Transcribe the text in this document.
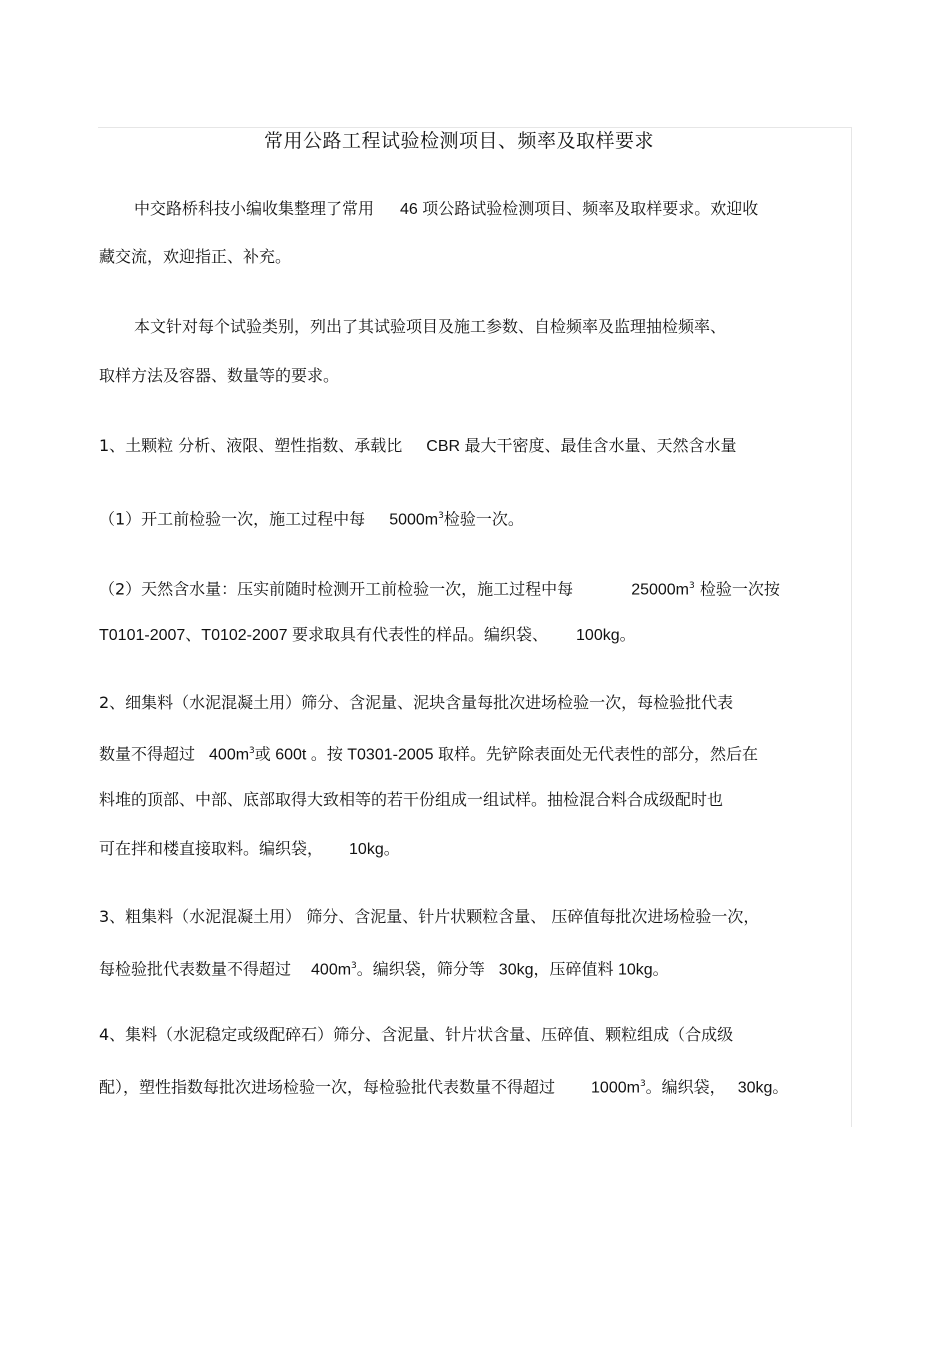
常用公路工程试验检测项目、频率及取样要求
中交路桥科技小编收集整理了常用 46 项公路试验检测项目、频率及取样要求。欢迎收
藏交流，欢迎指正、补充。
本文针对每个试验类别，列出了其试验项目及施工参数、自检频率及监理抽检频率、
取样方法及容器、数量等的要求。
1、土颗粒 分析、液限、塑性指数、承载比 CBR 最大干密度、最佳含水量、天然含水量
（1）开工前检验一次，施工过程中每 $5000m^3$检验一次。
（2）天然含水量：压实前随时检测开工前检验一次，施工过程中每	$25000m^3$ 检验一次按
T0101-2007、T0102-2007 要求取具有代表性的样品。编织袋、 100kg。
2、细集料（水泥混凝土用）筛分、含泥量、泥块含量每批次进场检验一次，每检验批代表
数量不得超过 $400m^3$或 600t 。按 T0301-2005 取样。先铲除表面处无代表性的部分，然后在
料堆的顶部、中部、底部取得大致相等的若干份组成一组试样。抽检混合料合成级配时也
可在拌和楼直接取料。编织袋， 10kg。
3、粗集料（水泥混凝土用） 筛分、含泥量、针片状颗粒含量、 压碎值每批次进场检验一次，
每检验批代表数量不得超过 $400m^3$。编织袋，筛分等 30kg，压碎值料 10kg。
4、集料（水泥稳定或级配碎石）筛分、含泥量、针片状含量、压碎值、颗粒组成（合成级
配），塑性指数每批次进场检验一次，每检验批代表数量不得超过 $1000m^3$。编织袋， 30kg。
